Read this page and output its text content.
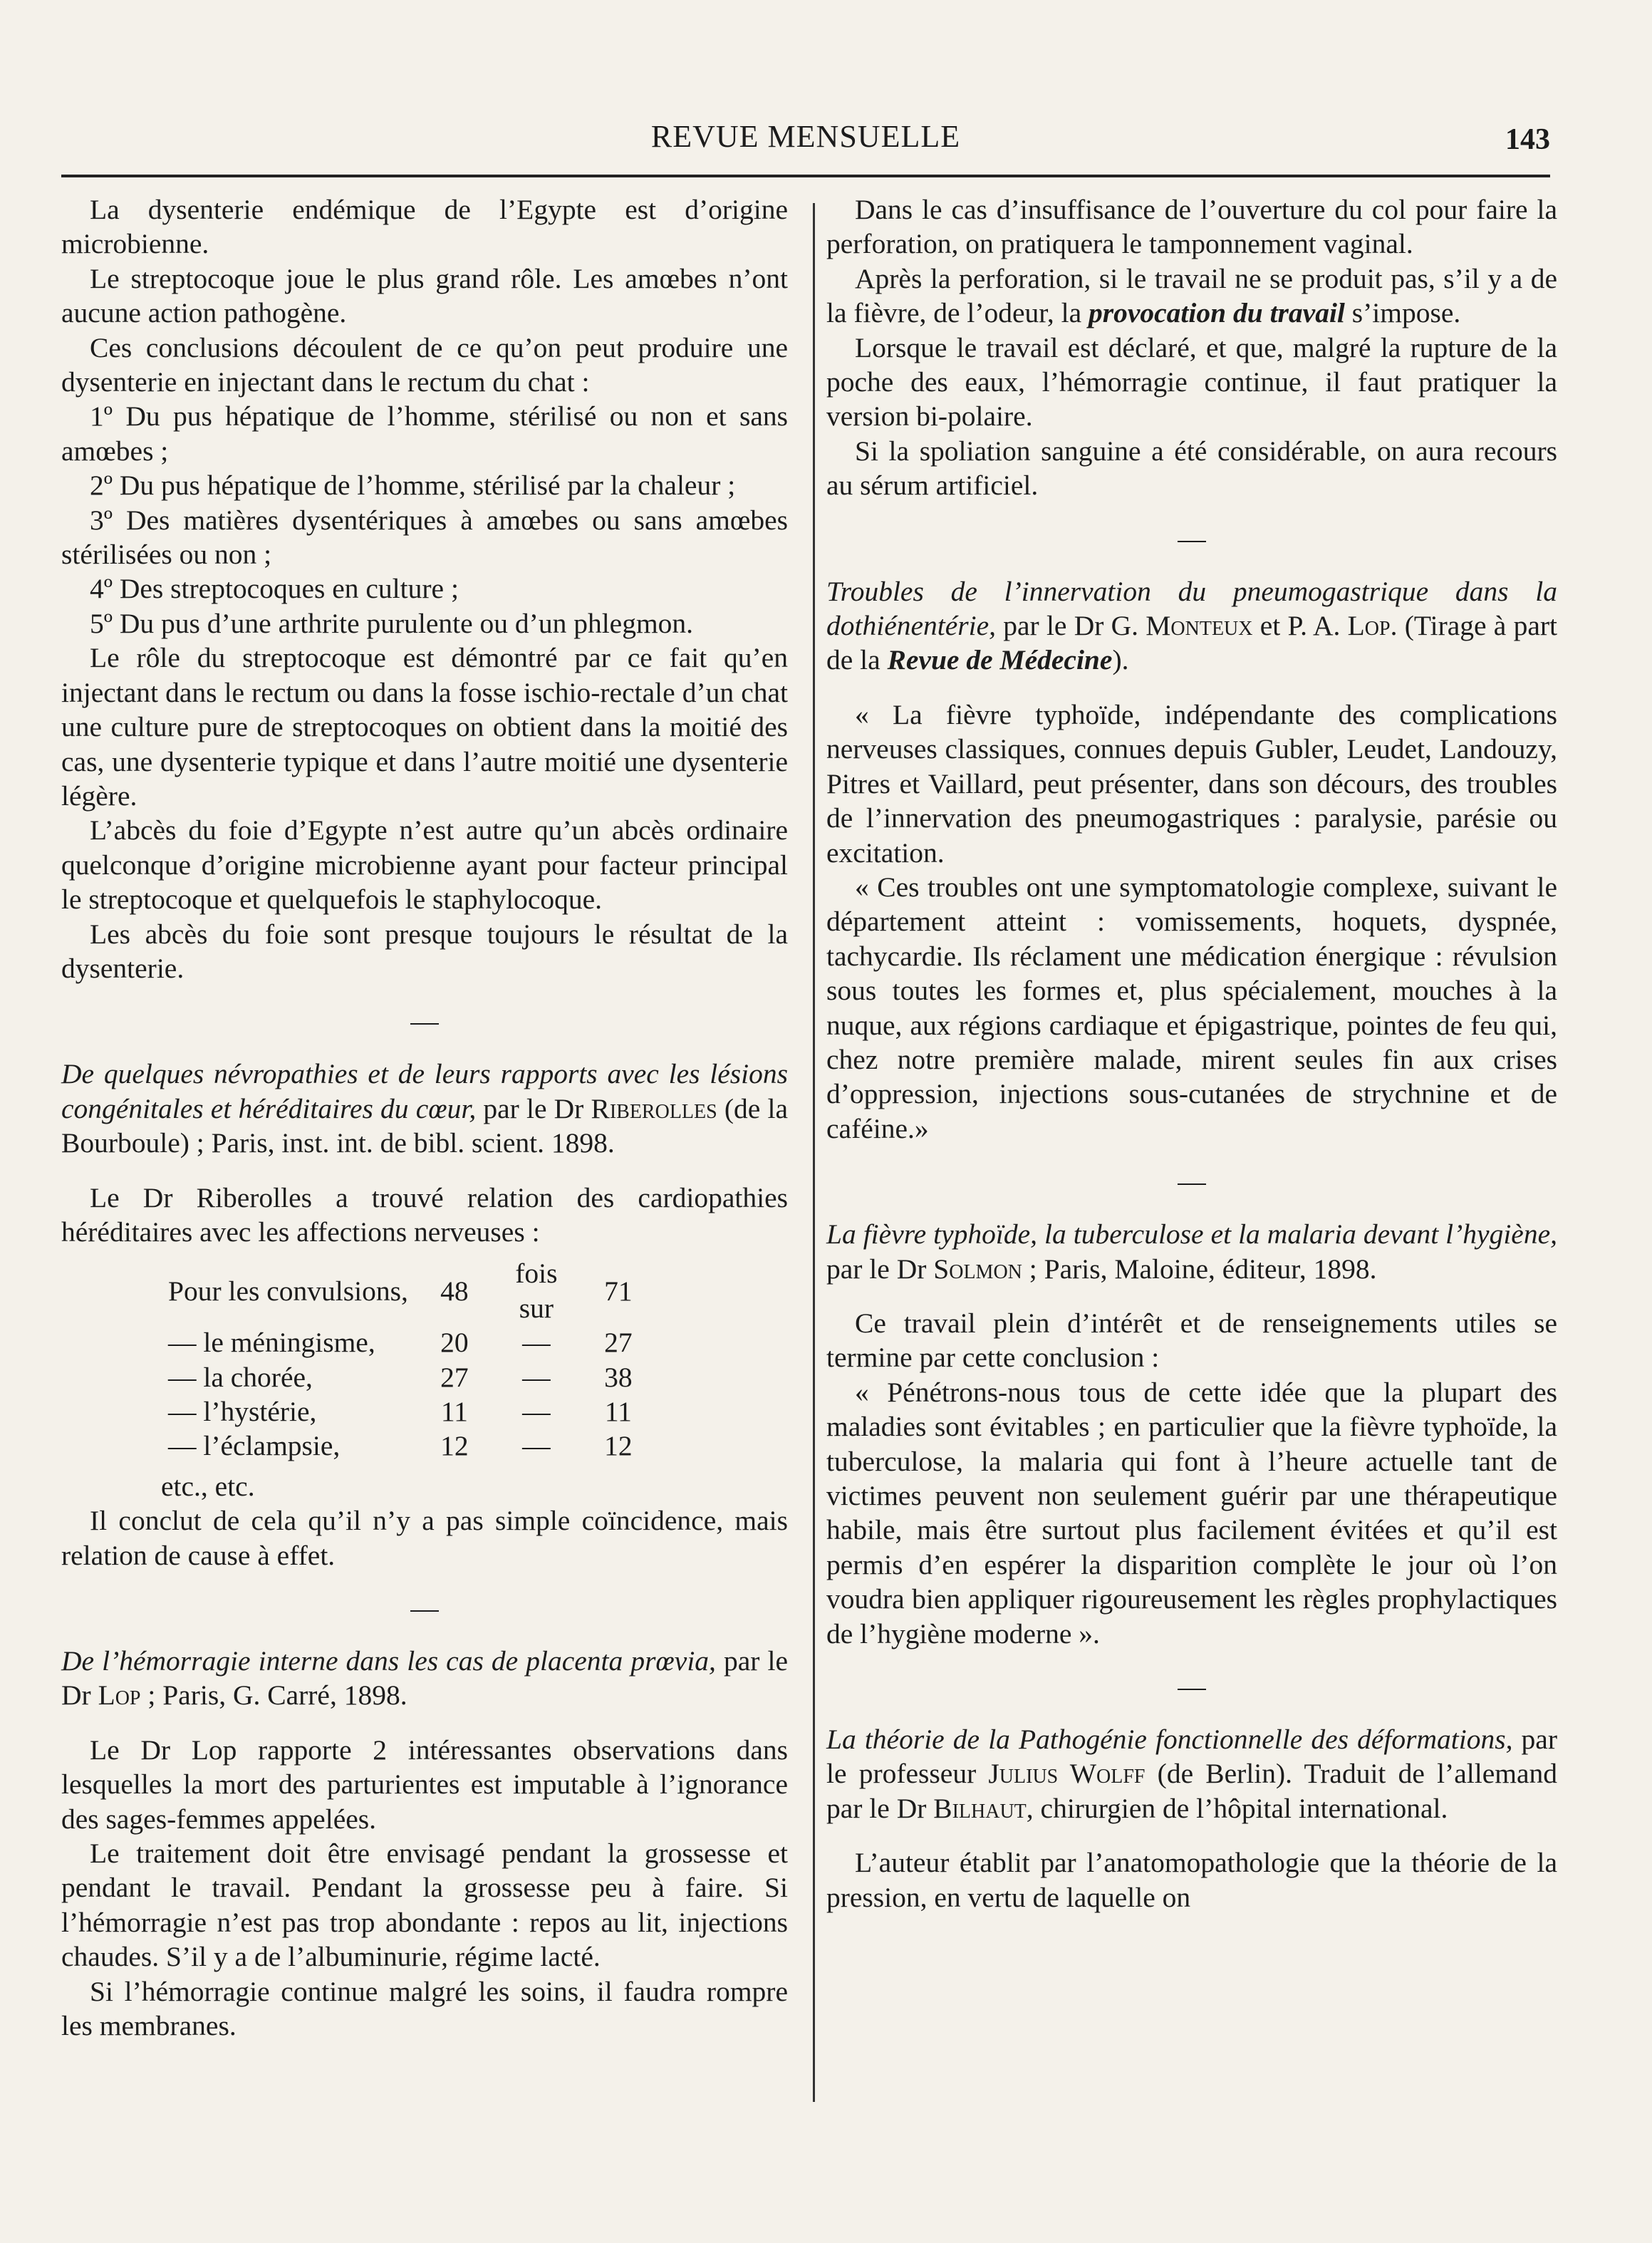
REVUE MENSUELLE	143

La dysenterie endémique de l’Egypte est d’origine microbienne.

Le streptocoque joue le plus grand rôle. Les amœbes n’ont aucune action pathogène.

Ces conclusions découlent de ce qu’on peut produire une dysenterie en injectant dans le rectum du chat :

1º Du pus hépatique de l’homme, stérilisé ou non et sans amœbes ;

2º Du pus hépatique de l’homme, stérilisé par la chaleur ;

3º Des matières dysentériques à amœbes ou sans amœbes stérilisées ou non ;

4º Des streptocoques en culture ;

5º Du pus d’une arthrite purulente ou d’un phlegmon.

Le rôle du streptocoque est démontré par ce fait qu’en injectant dans le rectum ou dans la fosse ischio-rectale d’un chat une culture pure de streptocoques on obtient dans la moitié des cas, une dysenterie typique et dans l’autre moitié une dysenterie légère.

L’abcès du foie d’Egypte n’est autre qu’un abcès ordinaire quelconque d’origine microbienne ayant pour facteur principal le streptocoque et quelquefois le staphylocoque.

Les abcès du foie sont presque toujours le résultat de la dysenterie.

—

De quelques névropathies et de leurs rapports avec les lésions congénitales et héréditaires du cœur, par le Dr Riberolles (de la Bourboule) ; Paris, inst. int. de bibl. scient. 1898.

Le Dr Riberolles a trouvé relation des cardiopathies héréditaires avec les affections nerveuses :

Pour les convulsions,	48	fois sur	71
— le méningisme,	20	—	27
— la chorée,	27	—	38
— l’hystérie,	11	—	11
— l’éclampsie,	12	—	12

etc., etc.

Il conclut de cela qu’il n’y a pas simple coïncidence, mais relation de cause à effet.

—

De l’hémorragie interne dans les cas de placenta prœvia, par le Dr Lop ; Paris, G. Carré, 1898.

Le Dr Lop rapporte 2 intéressantes observations dans lesquelles la mort des parturientes est imputable à l’ignorance des sages-femmes appelées.

Le traitement doit être envisagé pendant la grossesse et pendant le travail. Pendant la grossesse peu à faire. Si l’hémorragie n’est pas trop abondante : repos au lit, injections chaudes. S’il y a de l’albuminurie, régime lacté.

Si l’hémorragie continue malgré les soins, il faudra rompre les membranes.

Dans le cas d’insuffisance de l’ouverture du col pour faire la perforation, on pratiquera le tamponnement vaginal.

Après la perforation, si le travail ne se produit pas, s’il y a de la fièvre, de l’odeur, la provocation du travail s’impose.

Lorsque le travail est déclaré, et que, malgré la rupture de la poche des eaux, l’hémorragie continue, il faut pratiquer la version bi-polaire.

Si la spoliation sanguine a été considérable, on aura recours au sérum artificiel.

—

Troubles de l’innervation du pneumogastrique dans la dothiénentérie, par le Dr G. Monteux et P. A. Lop. (Tirage à part de la Revue de Médecine).

« La fièvre typhoïde, indépendante des complications nerveuses classiques, connues depuis Gubler, Leudet, Landouzy, Pitres et Vaillard, peut présenter, dans son décours, des troubles de l’innervation des pneumogastriques : paralysie, parésie ou excitation.

« Ces troubles ont une symptomatologie complexe, suivant le département atteint : vomissements, hoquets, dyspnée, tachycardie. Ils réclament une médication énergique : révulsion sous toutes les formes et, plus spécialement, mouches à la nuque, aux régions cardiaque et épigastrique, pointes de feu qui, chez notre première malade, mirent seules fin aux crises d’oppression, injections sous-cutanées de strychnine et de caféine.»

—

La fièvre typhoïde, la tuberculose et la malaria devant l’hygiène, par le Dr Solmon ; Paris, Maloine, éditeur, 1898.

Ce travail plein d’intérêt et de renseignements utiles se termine par cette conclusion :

« Pénétrons-nous tous de cette idée que la plupart des maladies sont évitables ; en particulier que la fièvre typhoïde, la tuberculose, la malaria qui font à l’heure actuelle tant de victimes peuvent non seulement guérir par une thérapeutique habile, mais être surtout plus facilement évitées et qu’il est permis d’en espérer la disparition complète le jour où l’on voudra bien appliquer rigoureusement les règles prophylactiques de l’hygiène moderne ».

—

La théorie de la Pathogénie fonctionnelle des déformations, par le professeur Julius Wolff (de Berlin). Traduit de l’allemand par le Dr Bilhaut, chirurgien de l’hôpital international.

L’auteur établit par l’anatomopathologie que la théorie de la pression, en vertu de laquelle on
